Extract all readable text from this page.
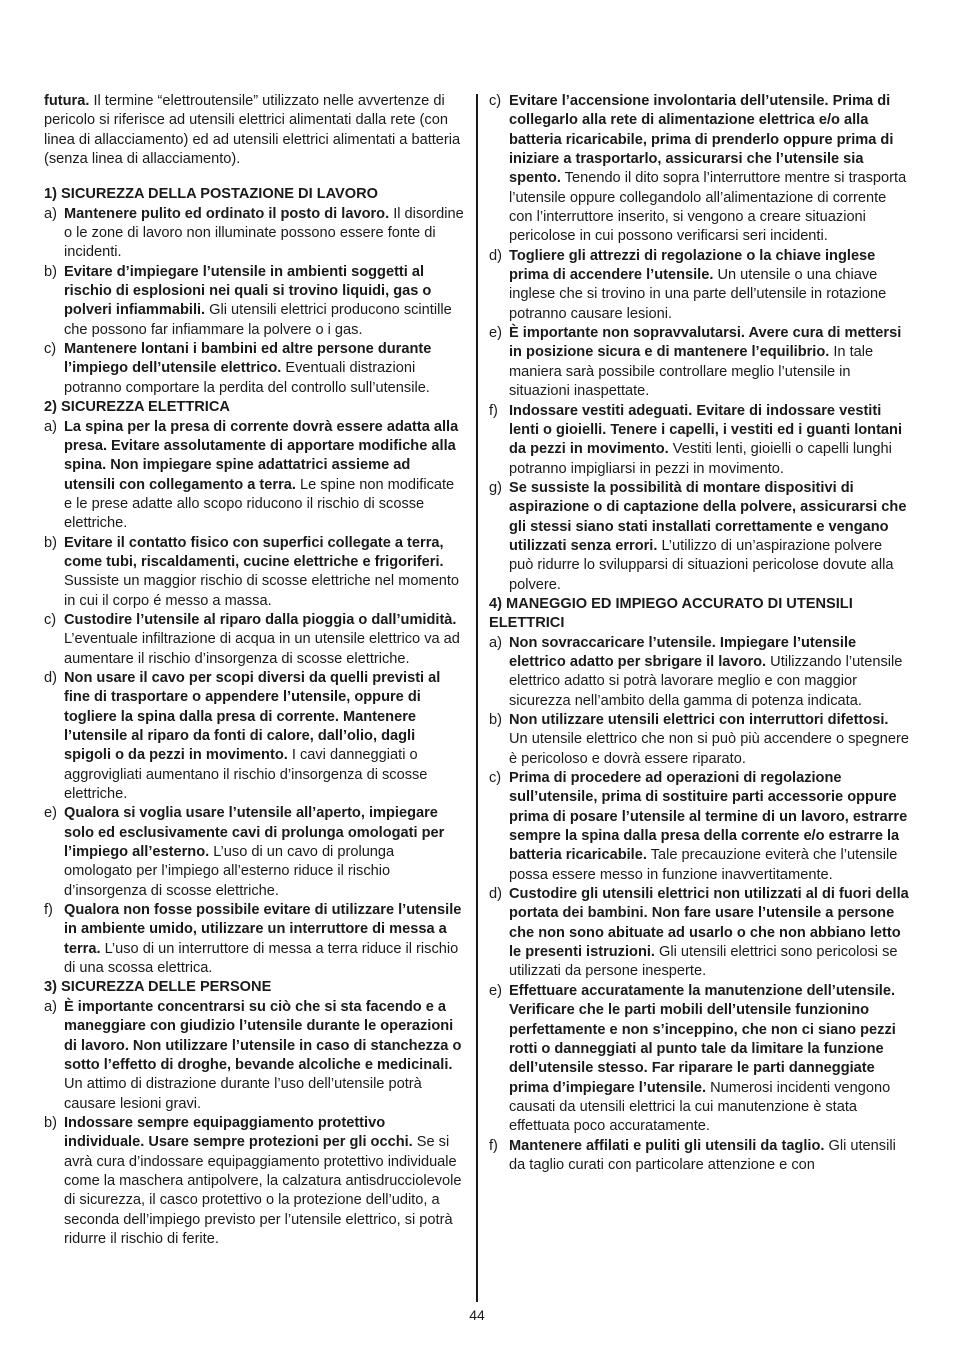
futura. Il termine “elettroutensile” utilizzato nelle avvertenze di pericolo si riferisce ad utensili elettrici alimentati dalla rete (con linea di allacciamento) ed ad utensili elettrici alimentati a batteria (senza linea di allacciamento).

1) SICUREZZA DELLA POSTAZIONE DI LAVORO

a) Mantenere pulito ed ordinato il posto di lavoro. Il disordine o le zone di lavoro non illuminate possono essere fonte di incidenti.

b) Evitare d’impiegare l’utensile in ambienti soggetti al rischio di esplosioni nei quali si trovino liquidi, gas o polveri infiammabili. Gli utensili elettrici producono scintille che possono far infiammare la polvere o i gas.

c) Mantenere lontani i bambini ed altre persone durante l’impiego dell’utensile elettrico. Eventuali distrazioni potranno comportare la perdita del controllo sull’utensile.

2) SICUREZZA ELETTRICA

a) La spina per la presa di corrente dovrà essere adatta alla presa. Evitare assolutamente di apportare modifiche alla spina. Non impiegare spine adattatrici assieme ad utensili con collegamento a terra. Le spine non modificate e le prese adatte allo scopo riducono il rischio di scosse elettriche.

b) Evitare il contatto fisico con superfici collegate a terra, come tubi, riscaldamenti, cucine elettriche e frigoriferi. Sussiste un maggior rischio di scosse elettriche nel momento in cui il corpo é messo a massa.

c) Custodire l’utensile al riparo dalla pioggia o dall’umidità. L’eventuale infiltrazione di acqua in un utensile elettrico va ad aumentare il rischio d’insorgenza di scosse elettriche.

d) Non usare il cavo per scopi diversi da quelli previsti al fine di trasportare o appendere l’utensile, oppure di togliere la spina dalla presa di corrente. Mantenere l’utensile al riparo da fonti di calore, dall’olio, dagli spigoli o da pezzi in movimento. I cavi danneggiati o aggrovigliati aumentano il rischio d’insorgenza di scosse elettriche.

e) Qualora si voglia usare l’utensile all’aperto, impiegare solo ed esclusivamente cavi di prolunga omologati per l’impiego all’esterno. L’uso di un cavo di prolunga omologato per l’impiego all’esterno riduce il rischio d’insorgenza di scosse elettriche.

f) Qualora non fosse possibile evitare di utilizzare l’utensile in ambiente umido, utilizzare un interruttore di messa a terra. L’uso di un interruttore di messa a terra riduce il rischio di una scossa elettrica.

3) SICUREZZA DELLE PERSONE

a) È importante concentrarsi su ciò che si sta facendo e a maneggiare con giudizio l’utensile durante le operazioni di lavoro. Non utilizzare l’utensile in caso di stanchezza o sotto l’effetto di droghe, bevande alcoliche e medicinali. Un attimo di distrazione durante l’uso dell’utensile potrà causare lesioni gravi.

b) Indossare sempre equipaggiamento protettivo individuale. Usare sempre protezioni per gli occhi. Se si avrà cura d’indossare equipaggiamento protettivo individuale come la maschera antipolvere, la calzatura antisdrucciolevole di sicurezza, il casco protettivo o la protezione dell’udito, a seconda dell’impiego previsto per l’utensile elettrico, si potrà ridurre il rischio di ferite.

c) Evitare l’accensione involontaria dell’utensile. Prima di collegarlo alla rete di alimentazione elettrica e/o alla batteria ricaricabile, prima di prenderlo oppure prima di iniziare a trasportarlo, assicurarsi che l’utensile sia spento. Tenendo il dito sopra l’interruttore mentre si trasporta l’utensile oppure collegandolo all’alimentazione di corrente con l’interruttore inserito, si vengono a creare situazioni pericolose in cui possono verificarsi seri incidenti.

d) Togliere gli attrezzi di regolazione o la chiave inglese prima di accendere l’utensile. Un utensile o una chiave inglese che si trovino in una parte dell’utensile in rotazione potranno causare lesioni.

e) È importante non sopravvalutarsi. Avere cura di mettersi in posizione sicura e di mantenere l’equilibrio. In tale maniera sarà possibile controllare meglio l’utensile in situazioni inaspettate.

f) Indossare vestiti adeguati. Evitare di indossare vestiti lenti o gioielli. Tenere i capelli, i vestiti ed i guanti lontani da pezzi in movimento. Vestiti lenti, gioielli o capelli lunghi potranno impigliarsi in pezzi in movimento.

g) Se sussiste la possibilità di montare dispositivi di aspirazione o di captazione della polvere, assicurarsi che gli stessi siano stati installati correttamente e vengano utilizzati senza errori. L’utilizzo di un’aspirazione polvere può ridurre lo svilupparsi di situazioni pericolose dovute alla polvere.

4) MANEGGIO ED IMPIEGO ACCURATO DI UTENSILI ELETTRICI

a) Non sovraccaricare l’utensile. Impiegare l’utensile elettrico adatto per sbrigare il lavoro. Utilizzando l’utensile elettrico adatto si potrà lavorare meglio e con maggior sicurezza nell’ambito della gamma di potenza indicata.

b) Non utilizzare utensili elettrici con interruttori difettosi. Un utensile elettrico che non si può più accendere o spegnere è pericoloso e dovrà essere riparato.

c) Prima di procedere ad operazioni di regolazione sull’utensile, prima di sostituire parti accessorie oppure prima di posare l’utensile al termine di un lavoro, estrarre sempre la spina dalla presa della corrente e/o estrarre la batteria ricaricabile. Tale precauzione eviterà che l’utensile possa essere messo in funzione inavvertitamente.

d) Custodire gli utensili elettrici non utilizzati al di fuori della portata dei bambini. Non fare usare l’utensile a persone che non sono abituate ad usarlo o che non abbiano letto le presenti istruzioni. Gli utensili elettrici sono pericolosi se utilizzati da persone inesperte.

e) Effettuare accuratamente la manutenzione dell’utensile. Verificare che le parti mobili dell’utensile funzionino perfettamente e non s’inceppino, che non ci siano pezzi rotti o danneggiati al punto tale da limitare la funzione dell’utensile stesso. Far riparare le parti danneggiate prima d’impiegare l’utensile. Numerosi incidenti vengono causati da utensili elettrici la cui manutenzione è stata effettuata poco accuratamente.

f) Mantenere affilati e puliti gli utensili da taglio. Gli utensili da taglio curati con particolare attenzione e con

44
